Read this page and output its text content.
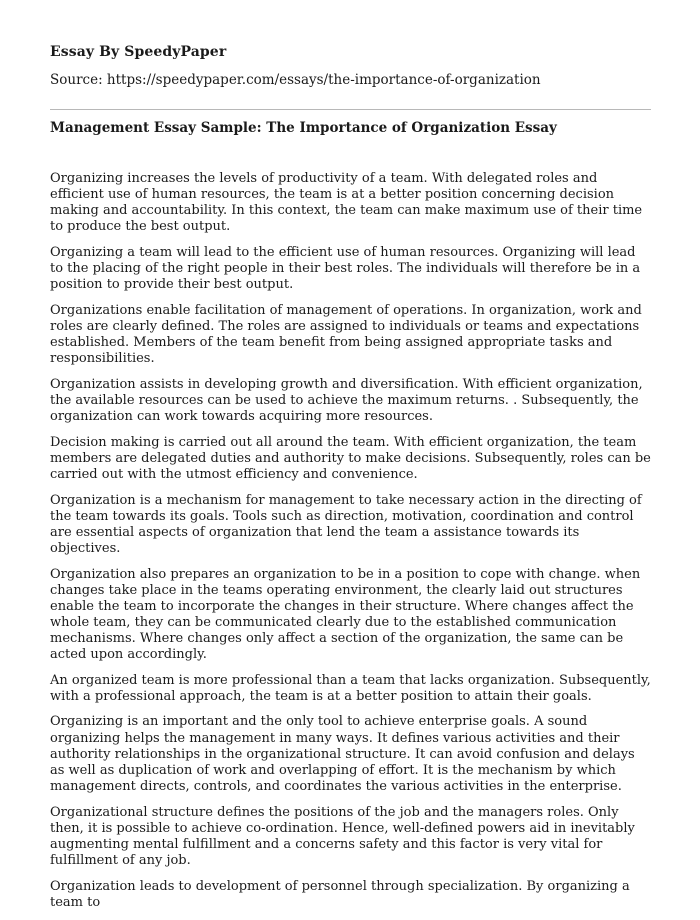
Essay By SpeedyPaper
Source: https://speedypaper.com/essays/the-importance-of-organization
Management Essay Sample: The Importance of Organization Essay

Organizing increases the levels of productivity of a team. With delegated roles and efficient use of human resources, the team is at a better position concerning decision making and accountability. In this context, the team can make maximum use of their time to produce the best output.

Organizing a team will lead to the efficient use of human resources. Organizing will lead to the placing of the right people in their best roles. The individuals will therefore be in a position to provide their best output.

Organizations enable facilitation of management of operations. In organization, work and roles are clearly defined. The roles are assigned to individuals or teams and expectations established. Members of the team benefit from being assigned appropriate tasks and responsibilities.

Organization assists in developing growth and diversification. With efficient organization, the available resources can be used to achieve the maximum returns. . Subsequently, the organization can work towards acquiring more resources.

Decision making is carried out all around the team. With efficient organization, the team members are delegated duties and authority to make decisions. Subsequently, roles can be carried out with the utmost efficiency and convenience.

Organization is a mechanism for management to take necessary action in the directing of the team towards its goals. Tools such as direction, motivation, coordination and control are essential aspects of organization that lend the team a assistance towards its objectives.

Organization also prepares an organization to be in a position to cope with change. when changes take place in the teams operating environment, the clearly laid out structures enable the team to incorporate the changes in their structure. Where changes affect the whole team, they can be communicated clearly due to the established communication mechanisms. Where changes only affect a section of the organization, the same can be acted upon accordingly.

An organized team is more professional than a team that lacks organization. Subsequently, with a professional approach, the team is at a better position to attain their goals.

Organizing is an important and the only tool to achieve enterprise goals. A sound organizing helps the management in many ways. It defines various activities and their authority relationships in the organizational structure. It can avoid confusion and delays as well as duplication of work and overlapping of effort. It is the mechanism by which management directs, controls, and coordinates the various activities in the enterprise.

Organizational structure defines the positions of the job and the managers roles. Only then, it is possible to achieve co-ordination. Hence, well-defined powers aid in inevitably augmenting mental fulfillment and a concerns safety and this factor is very vital for fulfillment of any job.

Organization leads to development of personnel through specialization. By organizing a team to
